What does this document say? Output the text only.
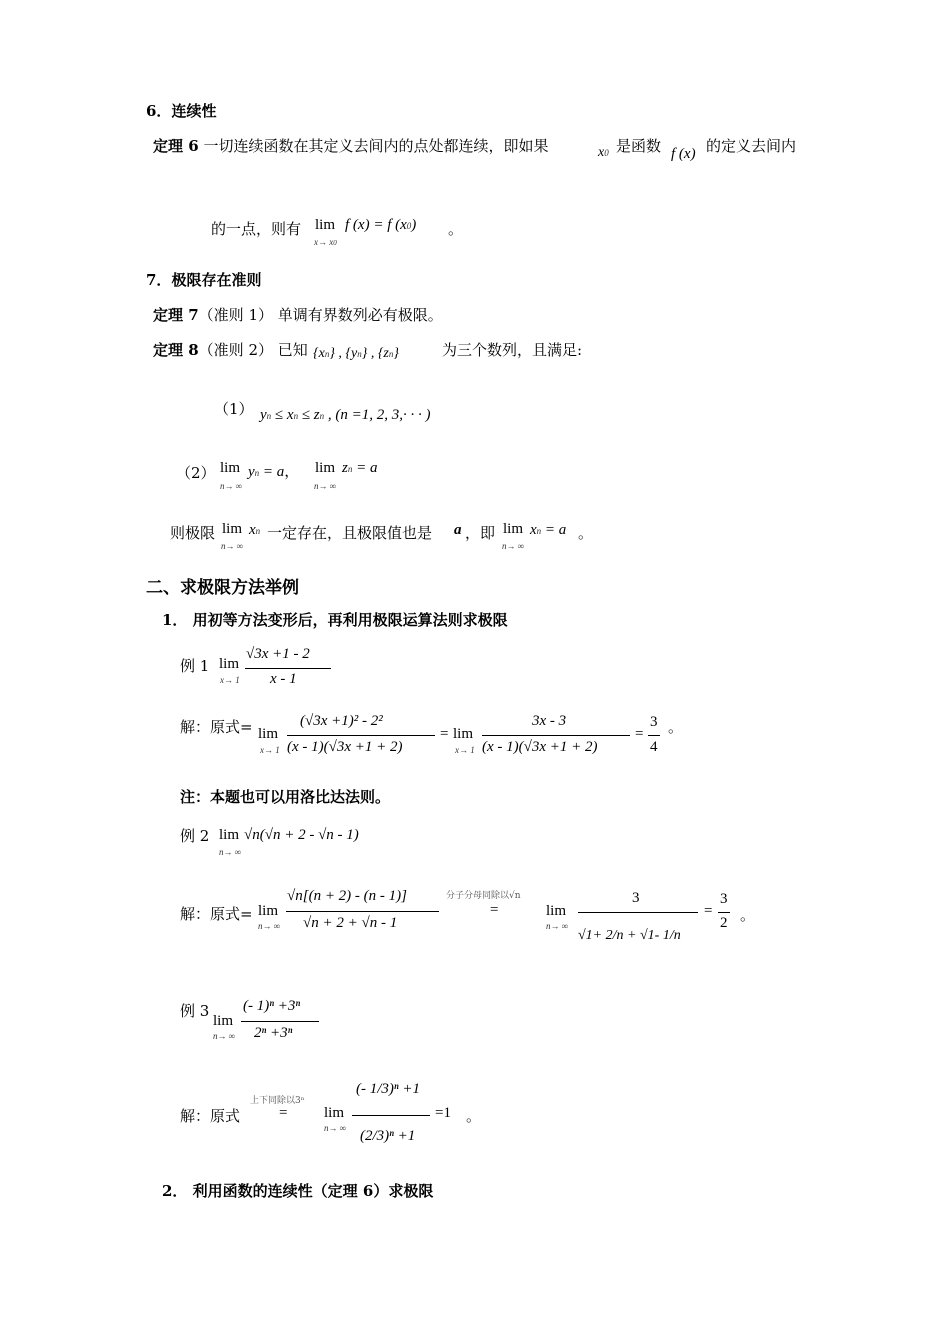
6．连续性
定理 6 一切连续函数在其定义去间内的点处都连续，即如果	x0 是函数 f (x) 的定义去间内
的一点，则有 lim
x→ x0
f (x) = f (x0) 。
7．极限存在准则
定理 7（准则 1） 单调有界数列必有极限。
定理 8（准则 2） 已知 {xn} , {yn} , {zn}	为三个数列，且满足:
（1） yn ≤ xn ≤ zn , (n =1, 2, 3,· · · )
（2） lim
n→ ∞
yn = a， lim
n→ ∞
zn = a
则极限 lim
n→ ∞
xn 一定存在，且极限值也是 a ，即 lim
n→ ∞
xn = a 。
二、求极限方法举例
1． 用初等方法变形后，再利用极限运算法则求极限
例 1 lim
x→ 1
√3x +1 - 2
x - 1
解：原式= lim
x→ 1
(√3x +1)² - 2²
(x - 1)(√3x +1 + 2)
= lim
x→ 1
3x - 3
(x - 1)(√3x +1 + 2)
=
3
4
。
注：本题也可以用洛比达法则。
例 2 lim
n→ ∞
√n(√n + 2 - √n - 1)
解：原式= lim
n→ ∞
√n[(n + 2) - (n - 1)]
√n + 2 + √n - 1
分子分母同除以√n
=	lim
n→ ∞
3
√1+ 2/n + √1- 1/n
=
3
2 。
例 3
lim
n→ ∞
(- 1)ⁿ +3ⁿ
2ⁿ +3ⁿ
解：原式
上下同除以3ⁿ
= lim
n→ ∞
(- 1/3)ⁿ +1
(2/3)ⁿ +1
=1 。
2． 利用函数的连续性（定理 6）求极限
